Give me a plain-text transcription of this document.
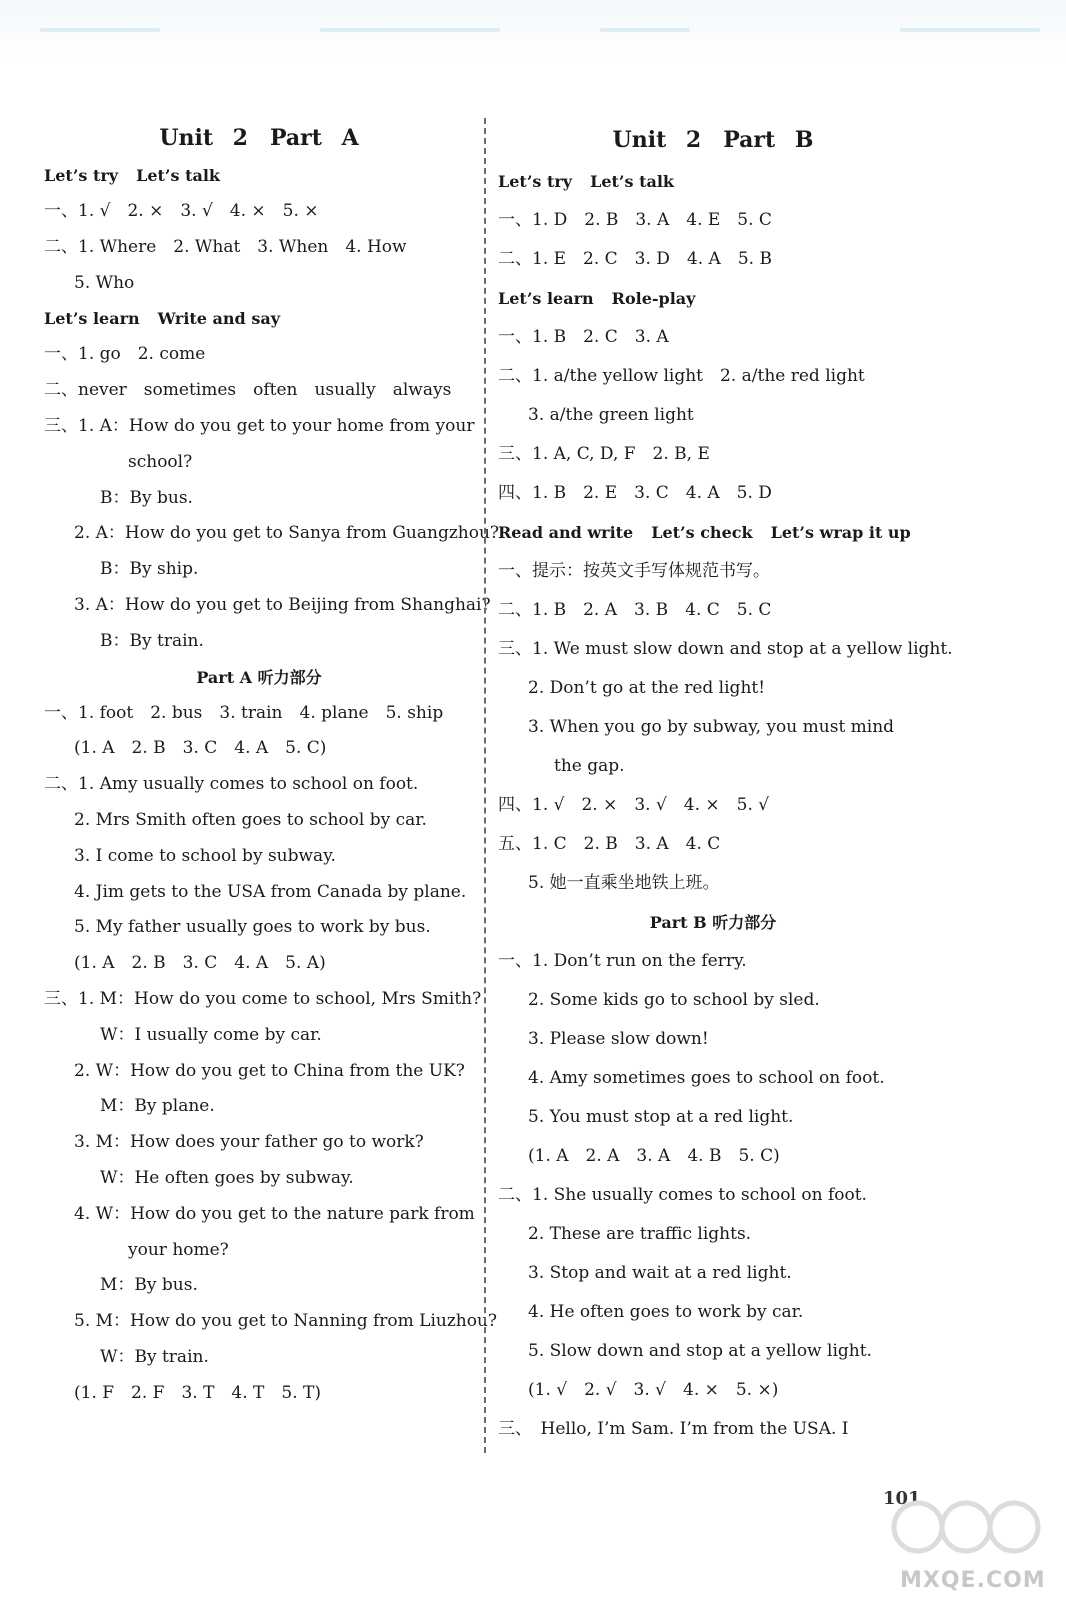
Unit 2　Part A
Let’s try Let’s talk
一、1. √　2. ×　3. √　4. ×　5. ×
二、1. Where　2. What　3. When　4. How
5. Who
Let’s learn Write and say
一、1. go　2. come
二、never　sometimes　often　usually　always
三、1. A：How do you get to your home from your
school?
B：By bus.
2. A：How do you get to Sanya from Guangzhou?
B：By ship.
3. A：How do you get to Beijing from Shanghai?
B：By train.
Part A 听力部分
一、1. foot　2. bus　3. train　4. plane　5. ship
(1. A　2. B　3. C　4. A　5. C)
二、1. Amy usually comes to school on foot.
2. Mrs Smith often goes to school by car.
3. I come to school by subway.
4. Jim gets to the USA from Canada by plane.
5. My father usually goes to work by bus.
(1. A　2. B　3. C　4. A　5. A)
三、1. M：How do you come to school, Mrs Smith?
W：I usually come by car.
2. W：How do you get to China from the UK?
M：By plane.
3. M：How does your father go to work?
W：He often goes by subway.
4. W：How do you get to the nature park from
your home?
M：By bus.
5. M：How do you get to Nanning from Liuzhou?
W：By train.
(1. F　2. F　3. T　4. T　5. T)
Unit 2　Part B
Let’s try Let’s talk
一、1. D　2. B　3. A　4. E　5. C
二、1. E　2. C　3. D　4. A　5. B
Let’s learn Role-play
一、1. B　2. C　3. A
二、1. a/the yellow light　2. a/the red light
3. a/the green light
三、1. A, C, D, F　2. B, E
四、1. B　2. E　3. C　4. A　5. D
Read and write Let’s check Let’s wrap it up
一、提示：按英文手写体规范书写。
二、1. B　2. A　3. B　4. C　5. C
三、1. We must slow down and stop at a yellow light.
2. Don’t go at the red light!
3. When you go by subway, you must mind
the gap.
四、1. √　2. ×　3. √　4. ×　5. √
五、1. C　2. B　3. A　4. C
5. 她一直乘坐地铁上班。
Part B 听力部分
一、1. Don’t run on the ferry.
2. Some kids go to school by sled.
3. Please slow down!
4. Amy sometimes goes to school on foot.
5. You must stop at a red light.
(1. A　2. A　3. A　4. B　5. C)
二、1. She usually comes to school on foot.
2. These are traffic lights.
3. Stop and wait at a red light.
4. He often goes to work by car.
5. Slow down and stop at a yellow light.
(1. √　2. √　3. √　4. ×　5. ×)
三、　Hello, I’m Sam. I’m from the USA. I
101
MXQE.COM
